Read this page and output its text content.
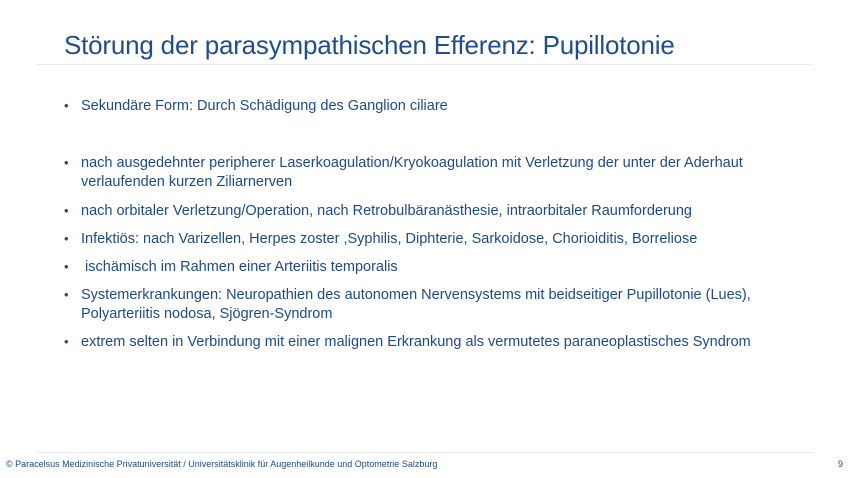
Störung der parasympathischen Efferenz: Pupillotonie
• Sekundäre Form: Durch Schädigung des Ganglion ciliare
• nach ausgedehnter peripherer Laserkoagulation/Kryokoagulation mit Verletzung der unter der Aderhaut verlaufenden kurzen Ziliarnerven
• nach orbitaler Verletzung/Operation, nach Retrobulbäranästhesie, intraorbitaler Raumforderung
• Infektiös: nach Varizellen, Herpes zoster ,Syphilis, Diphterie, Sarkoidose, Chorioiditis, Borreliose
• ischämisch im Rahmen einer Arteriitis temporalis
• Systemerkrankungen: Neuropathien des autonomen Nervensystems mit beidseitiger Pupillotonie (Lues), Polyarteriitis nodosa, Sjögren-Syndrom
• extrem selten in Verbindung mit einer malignen Erkrankung als vermutetes paraneoplastisches Syndrom
© Paracelsus Medizinische Privatuniversität / Universitätsklinik für Augenheilkunde und Optometrie Salzburg	9
